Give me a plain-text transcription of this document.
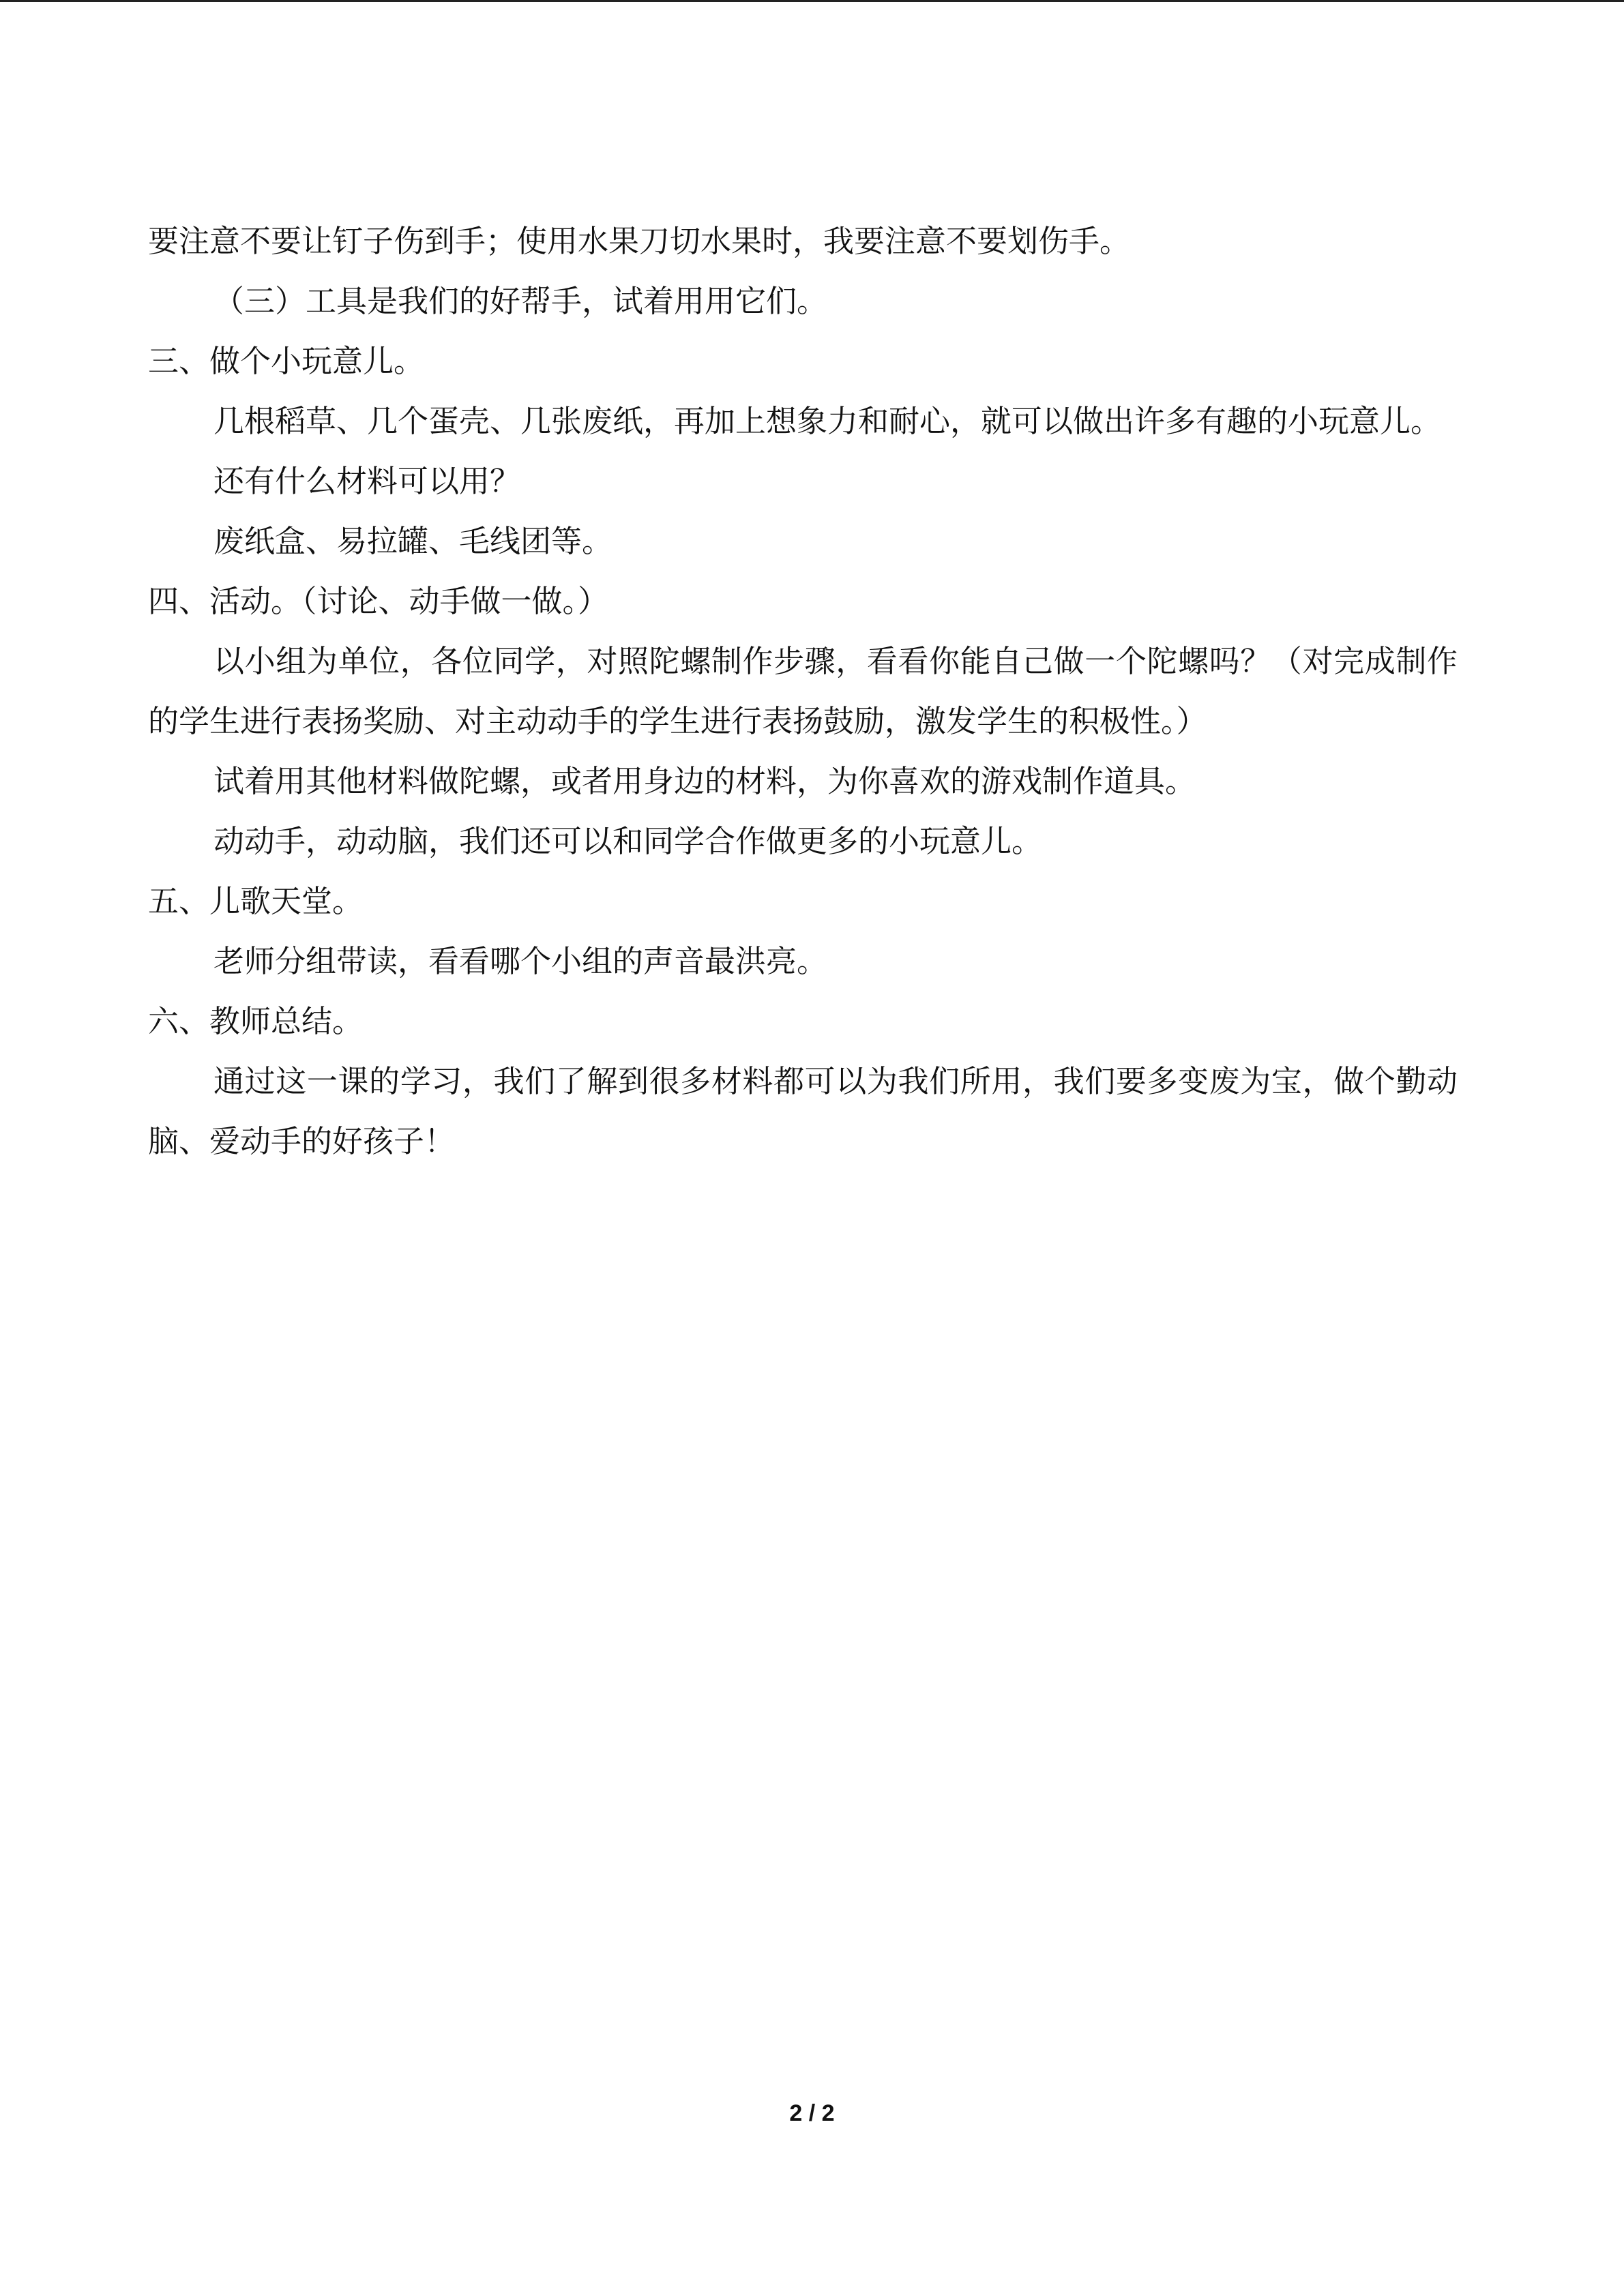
要注意不要让钉子伤到手；使用水果刀切水果时，我要注意不要划伤手。

（三）工具是我们的好帮手，试着用用它们。

三、做个小玩意儿。

几根稻草、几个蛋壳、几张废纸，再加上想象力和耐心，就可以做出许多有趣的小玩意儿。

还有什么材料可以用？

废纸盒、易拉罐、毛线团等。

四、活动。（讨论、动手做一做。）

以小组为单位，各位同学，对照陀螺制作步骤，看看你能自己做一个陀螺吗？（对完成制作的学生进行表扬奖励、对主动动手的学生进行表扬鼓励，激发学生的积极性。）

试着用其他材料做陀螺，或者用身边的材料，为你喜欢的游戏制作道具。

动动手，动动脑，我们还可以和同学合作做更多的小玩意儿。

五、儿歌天堂。

老师分组带读，看看哪个小组的声音最洪亮。

六、教师总结。

通过这一课的学习，我们了解到很多材料都可以为我们所用，我们要多变废为宝，做个勤动脑、爱动手的好孩子！

2 / 2
